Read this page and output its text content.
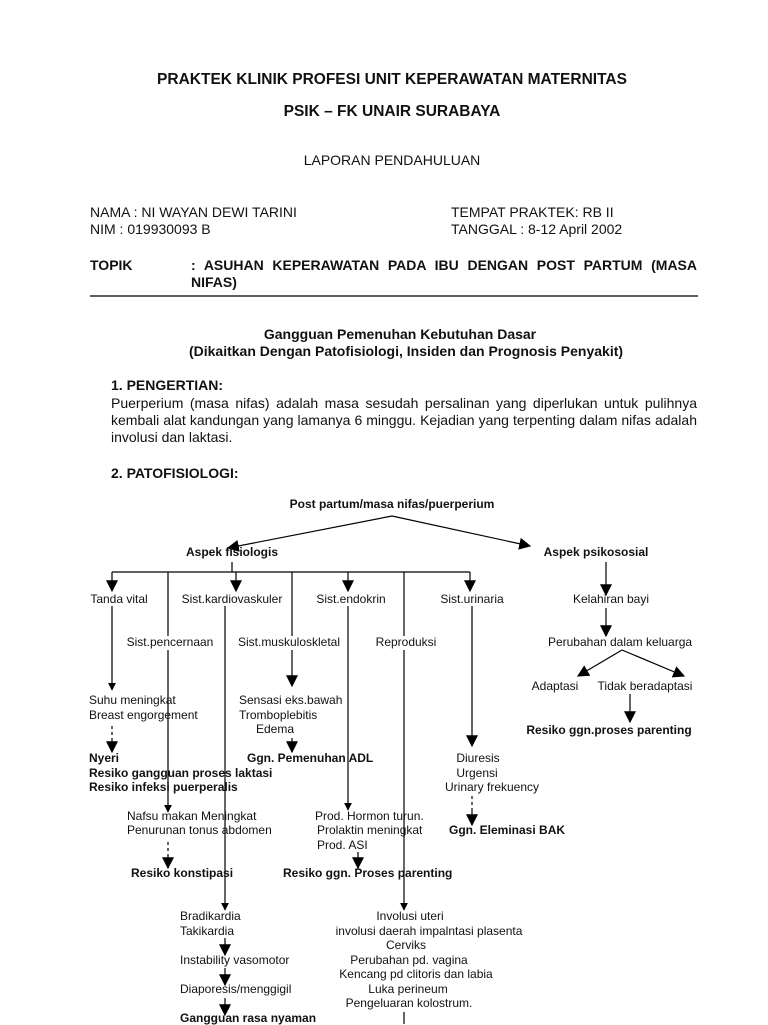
PRAKTEK KLINIK PROFESI UNIT KEPERAWATAN MATERNITAS
PSIK – FK UNAIR SURABAYA
LAPORAN PENDAHULUAN
NAMA : NI WAYAN DEWI TARINI
NIM : 019930093 B
TEMPAT PRAKTEK: RB II
TANGGAL : 8-12 April 2002
TOPIK	: ASUHAN KEPERAWATAN PADA IBU DENGAN POST PARTUM (MASA NIFAS)
Gangguan Pemenuhan Kebutuhan Dasar
(Dikaitkan Dengan Patofisiologi, Insiden dan Prognosis Penyakit)
1. PENGERTIAN:
Puerperium (masa nifas) adalah masa sesudah persalinan yang diperlukan untuk pulihnya kembali alat kandungan yang lamanya 6 minggu. Kejadian yang terpenting dalam nifas adalah involusi dan laktasi.
2. PATOFISIOLOGI:
Post partum/masa nifas/puerperium
Aspek fisiologis	Aspek psikososial
Tanda vital	Sist.kardiovaskuler	Sist.endokrin	Sist.urinaria
Sist.pencernaan Sist.muskuloskletal	Reproduksi
Suhu meningkat
Breast engorgement
Nyeri
Resiko gangguan proses laktasi
Resiko infeksi puerperalis
Sensasi eks.bawah
Tromboplebitis
Edema
Ggn. Pemenuhan ADL
Nafsu makan Meningkat
Penurunan tonus abdomen
Resiko konstipasi
Prod. Hormon turun.
Prolaktin meningkat
Prod. ASI
Resiko ggn. Proses parenting
Diuresis
Urgensi
Urinary frekuency
Ggn. Eleminasi BAK
Kelahiran bayi
Perubahan dalam keluarga
Adaptasi Tidak beradaptasi
Resiko ggn.proses parenting
Bradikardia
Takikardia
Instability vasomotor
Diaporesis/menggigil
Gangguan rasa nyaman
Involusi uteri
involusi daerah impalntasi plasenta
Cerviks
Perubahan pd. vagina
Kencang pd clitoris dan labia
Luka perineum
Pengeluaran kolostrum.
